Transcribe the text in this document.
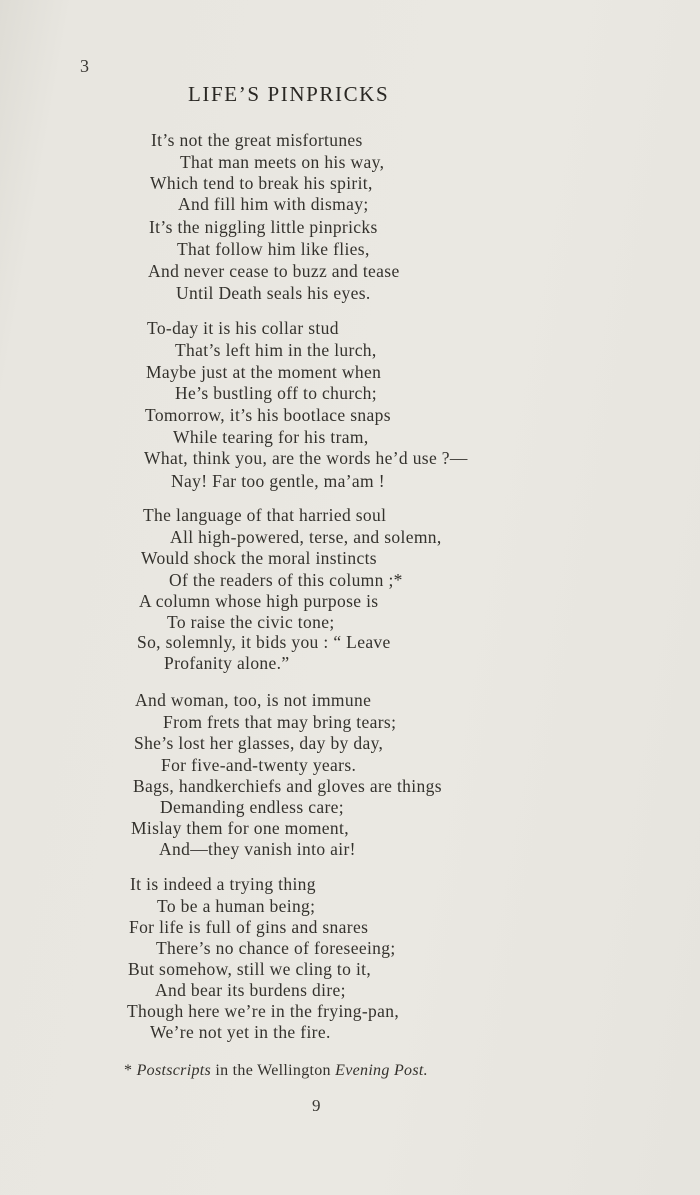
3
LIFE’S PINPRICKS
It’s not the great misfortunes
That man meets on his way,
Which tend to break his spirit,
And fill him with dismay;
It’s the niggling little pinpricks
That follow him like flies,
And never cease to buzz and tease
Until Death seals his eyes.
To-day it is his collar stud
That’s left him in the lurch,
Maybe just at the moment when
He’s bustling off to church;
Tomorrow, it’s his bootlace snaps
While tearing for his tram,
What, think you, are the words he’d use ?—
Nay! Far too gentle, ma’am !
The language of that harried soul
All high-powered, terse, and solemn,
Would shock the moral instincts
Of the readers of this column ;*
A column whose high purpose is
To raise the civic tone;
So, solemnly, it bids you : “ Leave
Profanity alone.”
And woman, too, is not immune
From frets that may bring tears;
She’s lost her glasses, day by day,
For five-and-twenty years.
Bags, handkerchiefs and gloves are things
Demanding endless care;
Mislay them for one moment,
And—they vanish into air!
It is indeed a trying thing
To be a human being;
For life is full of gins and snares
There’s no chance of foreseeing;
But somehow, still we cling to it,
And bear its burdens dire;
Though here we’re in the frying-pan,
We’re not yet in the fire.
* Postscripts in the Wellington Evening Post.
9
